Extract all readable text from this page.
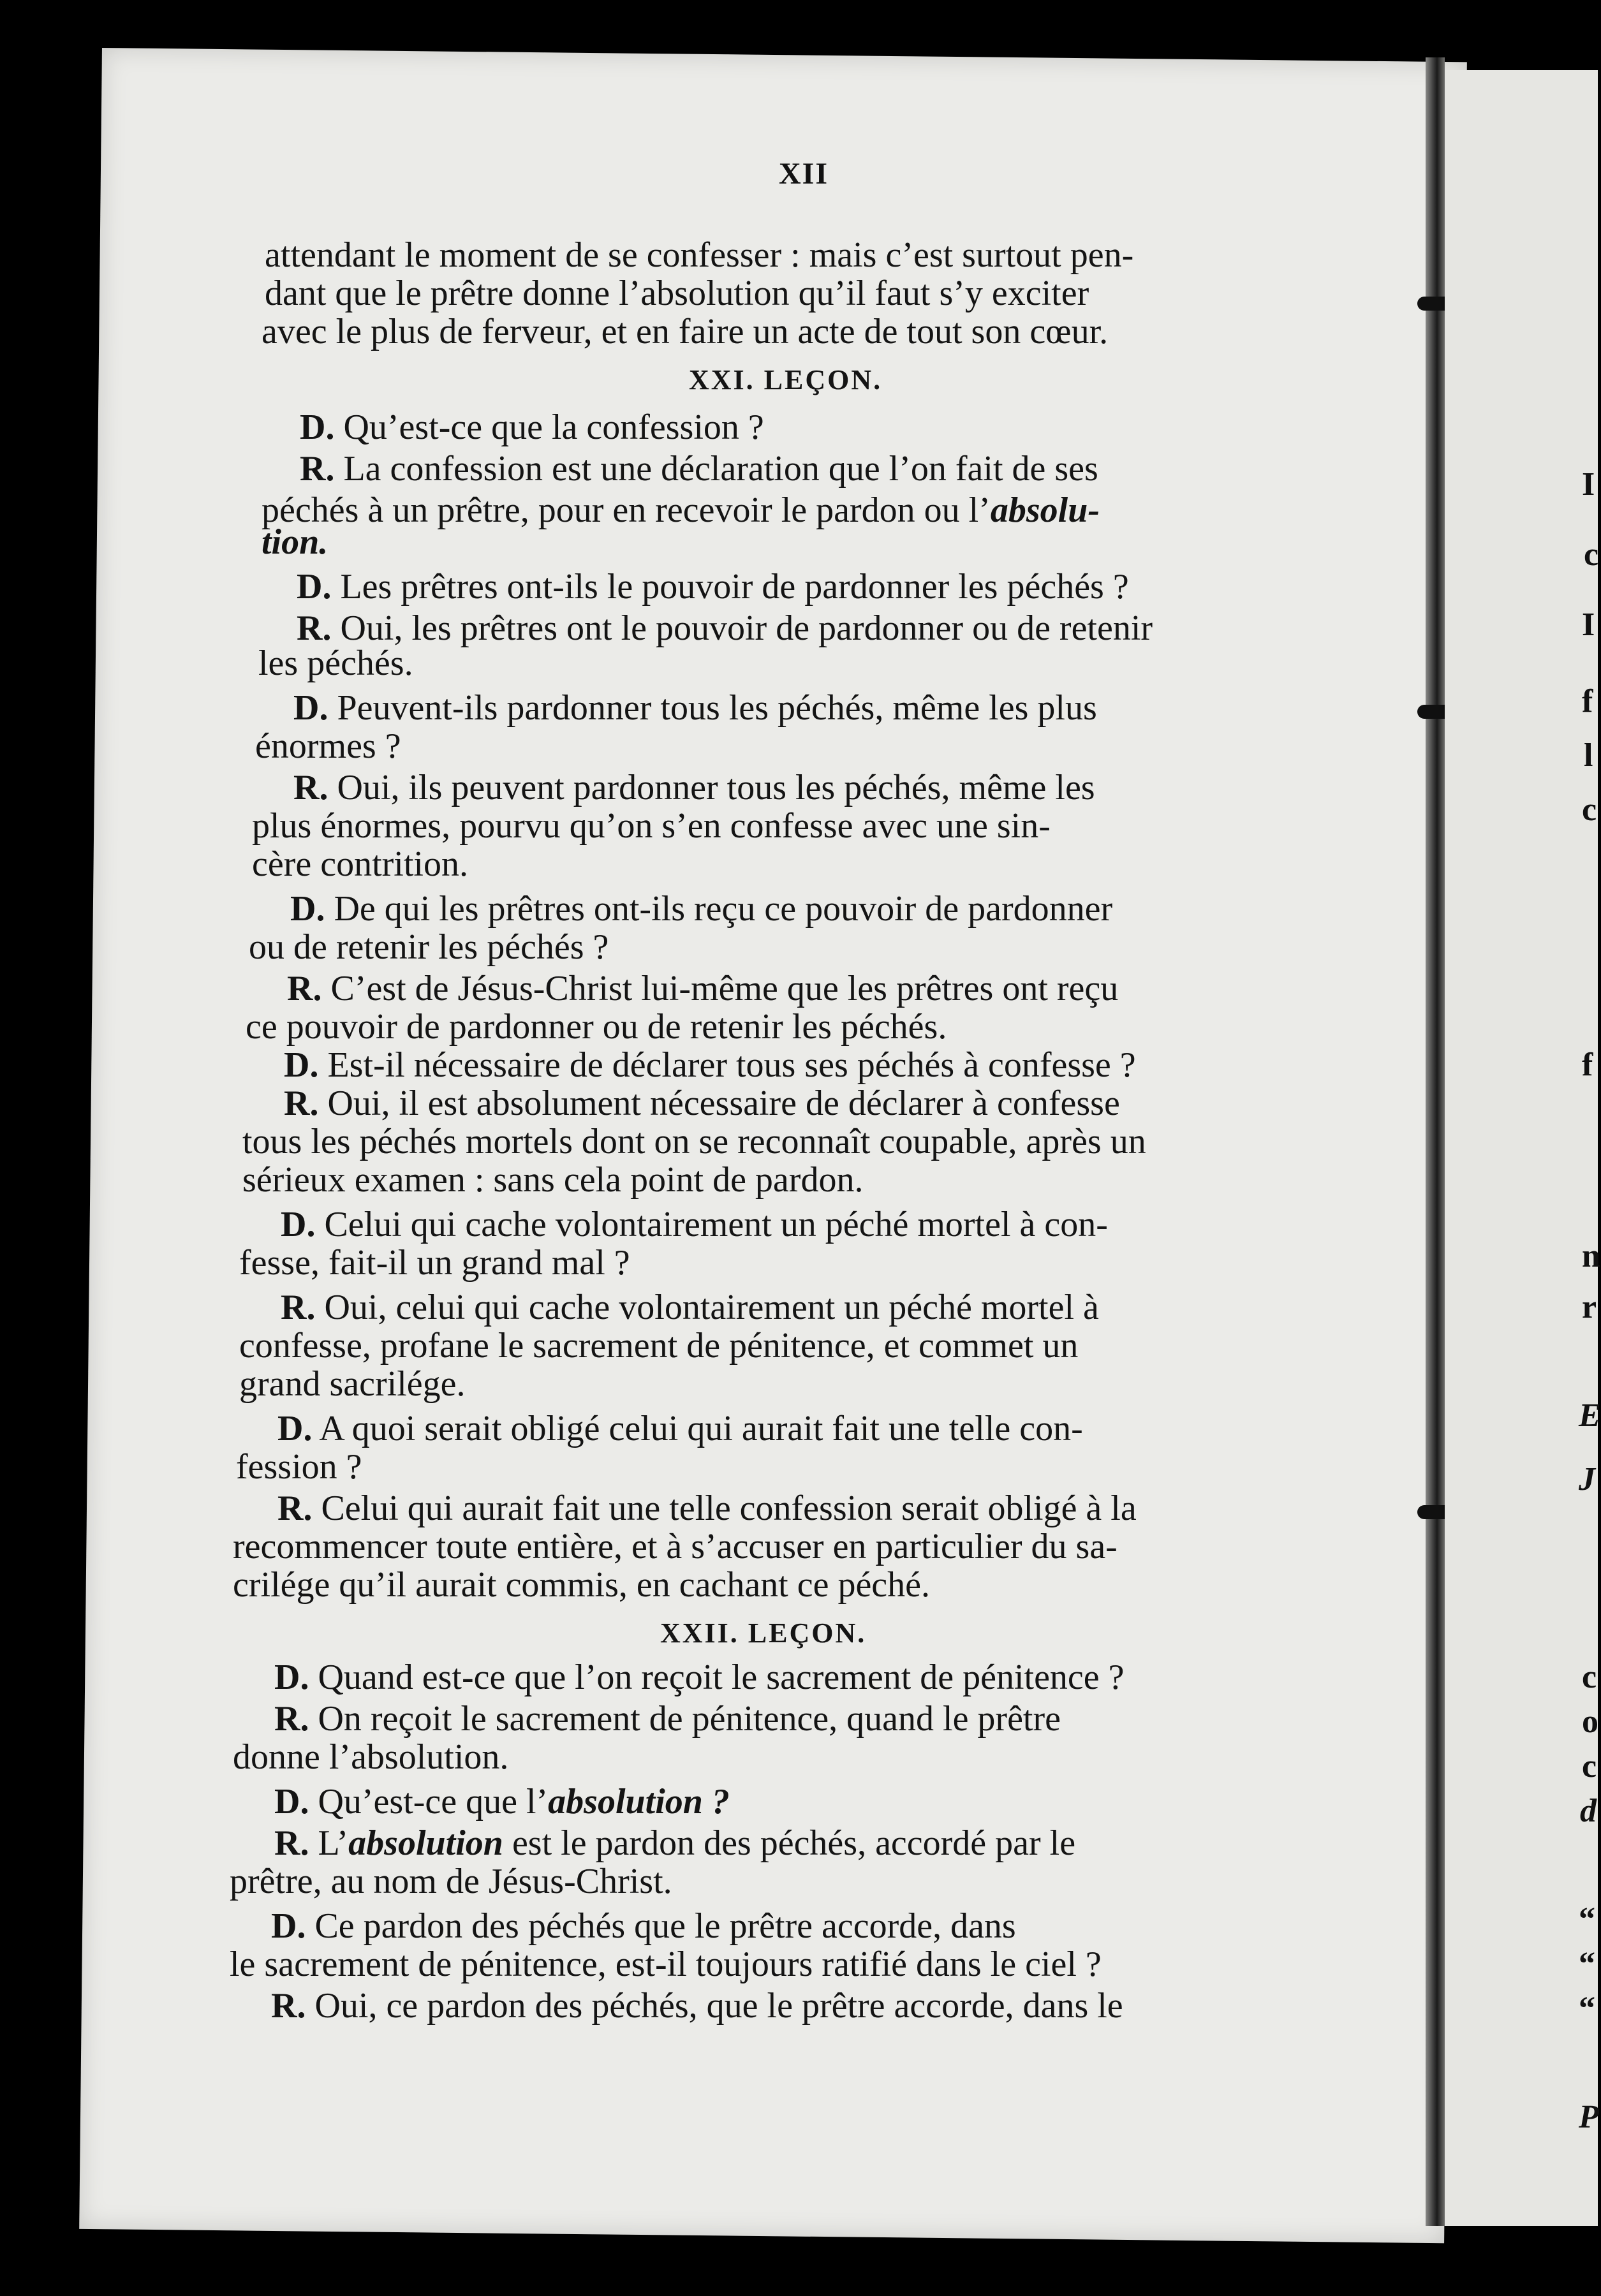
I
c
I
f
l
c
f
n
r
E
J
c
o
c
d
“
“
“
P
XII
attendant le moment de se confesser : mais c’est surtout pen-
dant que le prêtre donne l’absolution qu’il faut s’y exciter
avec le plus de ferveur, et en faire un acte de tout son cœur.
XXI. LEÇON.
D. Qu’est-ce que la confession ?
R. La confession est une déclaration que l’on fait de ses
péchés à un prêtre, pour en recevoir le pardon ou l’absolu-
tion.
D. Les prêtres ont-ils le pouvoir de pardonner les péchés ?
R. Oui, les prêtres ont le pouvoir de pardonner ou de retenir
les péchés.
D. Peuvent-ils pardonner tous les péchés, même les plus
énormes ?
R. Oui, ils peuvent pardonner tous les péchés, même les
plus énormes, pourvu qu’on s’en confesse avec une sin-
cère contrition.
D. De qui les prêtres ont-ils reçu ce pouvoir de pardonner
ou de retenir les péchés ?
R. C’est de Jésus-Christ lui-même que les prêtres ont reçu
ce pouvoir de pardonner ou de retenir les péchés.
D. Est-il nécessaire de déclarer tous ses péchés à confesse ?
R. Oui, il est absolument nécessaire de déclarer à confesse
tous les péchés mortels dont on se reconnaît coupable, après un
sérieux examen : sans cela point de pardon.
D. Celui qui cache volontairement un péché mortel à con-
fesse, fait-il un grand mal ?
R. Oui, celui qui cache volontairement un péché mortel à
confesse, profane le sacrement de pénitence, et commet un
grand sacrilége.
D. A quoi serait obligé celui qui aurait fait une telle con-
fession ?
R. Celui qui aurait fait une telle confession serait obligé à la
recommencer toute entière, et à s’accuser en particulier du sa-
crilége qu’il aurait commis, en cachant ce péché.
XXII. LEÇON.
D. Quand est-ce que l’on reçoit le sacrement de pénitence ?
R. On reçoit le sacrement de pénitence, quand le prêtre
donne l’absolution.
D. Qu’est-ce que l’absolution ?
R. L’absolution est le pardon des péchés, accordé par le
prêtre, au nom de Jésus-Christ.
D. Ce pardon des péchés que le prêtre accorde, dans
le sacrement de pénitence, est-il toujours ratifié dans le ciel ?
R. Oui, ce pardon des péchés, que le prêtre accorde, dans le
